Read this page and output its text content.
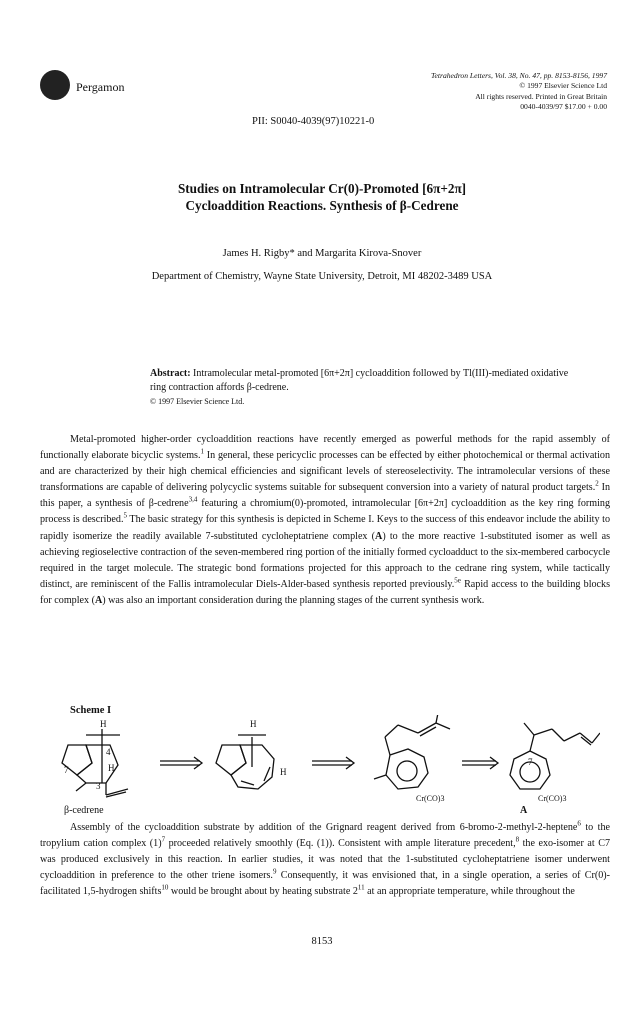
Pergamon
Tetrahedron Letters, Vol. 38, No. 47, pp. 8153-8156, 1997
© 1997 Elsevier Science Ltd
All rights reserved. Printed in Great Britain
0040-4039/97 $17.00 + 0.00
PII: S0040-4039(97)10221-0
Studies on Intramolecular Cr(0)-Promoted [6π+2π]
Cycloaddition Reactions. Synthesis of β-Cedrene
James H. Rigby* and Margarita Kirova-Snover
Department of Chemistry, Wayne State University, Detroit, MI 48202-3489 USA
Abstract: Intramolecular metal-promoted [6π+2π] cycloaddition followed by Tl(III)-mediated oxidative ring contraction affords β-cedrene.
© 1997 Elsevier Science Ltd.
Metal-promoted higher-order cycloaddition reactions have recently emerged as powerful methods for the rapid assembly of functionally elaborate bicyclic systems.$^1$ In general, these pericyclic processes can be effected by either photochemical or thermal activation and are characterized by their high chemical efficiencies and significant levels of stereoselectivity. The intramolecular versions of these transformations are capable of delivering polycyclic systems suitable for subsequent conversion into a variety of natural product targets.$^2$ In this paper, a synthesis of β-cedrene$^{3,4}$ featuring a chromium(0)-promoted, intramolecular [6π+2π] cycloaddition as the key ring forming process is described.$^5$ The basic strategy for this synthesis is depicted in Scheme I. Keys to the success of this endeavor include the ability to rapidly isomerize the readily available 7-substituted cycloheptatriene complex (A) to the more reactive 1-substituted isomer as well as achieving regioselective contraction of the seven-membered ring portion of the initially formed cycloadduct to the six-membered carbocycle required in the target molecule. The strategic bond formations projected for this approach to the cedrane ring system, while tactically distinct, are reminiscent of the Fallis intramolecular Diels-Alder-based synthesis reported previously.$^{5e}$ Rapid access to the building blocks for complex (A) was also an important consideration during the planning stages of the current synthesis work.
Scheme I
H
H
H
H
4
7
3
7
Cr(CO)3	Cr(CO)3
β-cedrene	A
Assembly of the cycloaddition substrate by addition of the Grignard reagent derived from 6-bromo-2-methyl-2-heptene$^6$ to the tropylium cation complex $(1)^7$ proceeded relatively smoothly (Eq. (1)). Consistent with ample literature precedent,$^8$ the exo-isomer at C7 was produced exclusively in this reaction. In earlier studies, it was noted that the 1-substituted cycloheptatriene isomer underwent cycloaddition in preference to the other triene isomers.$^9$ Consequently, it was envisioned that, in a single operation, a series of Cr(0)-facilitated 1,5-hydrogen shifts$^{10}$ would be brought about by heating substrate $2^{11}$ at an appropriate temperature, while throughout the
8153
